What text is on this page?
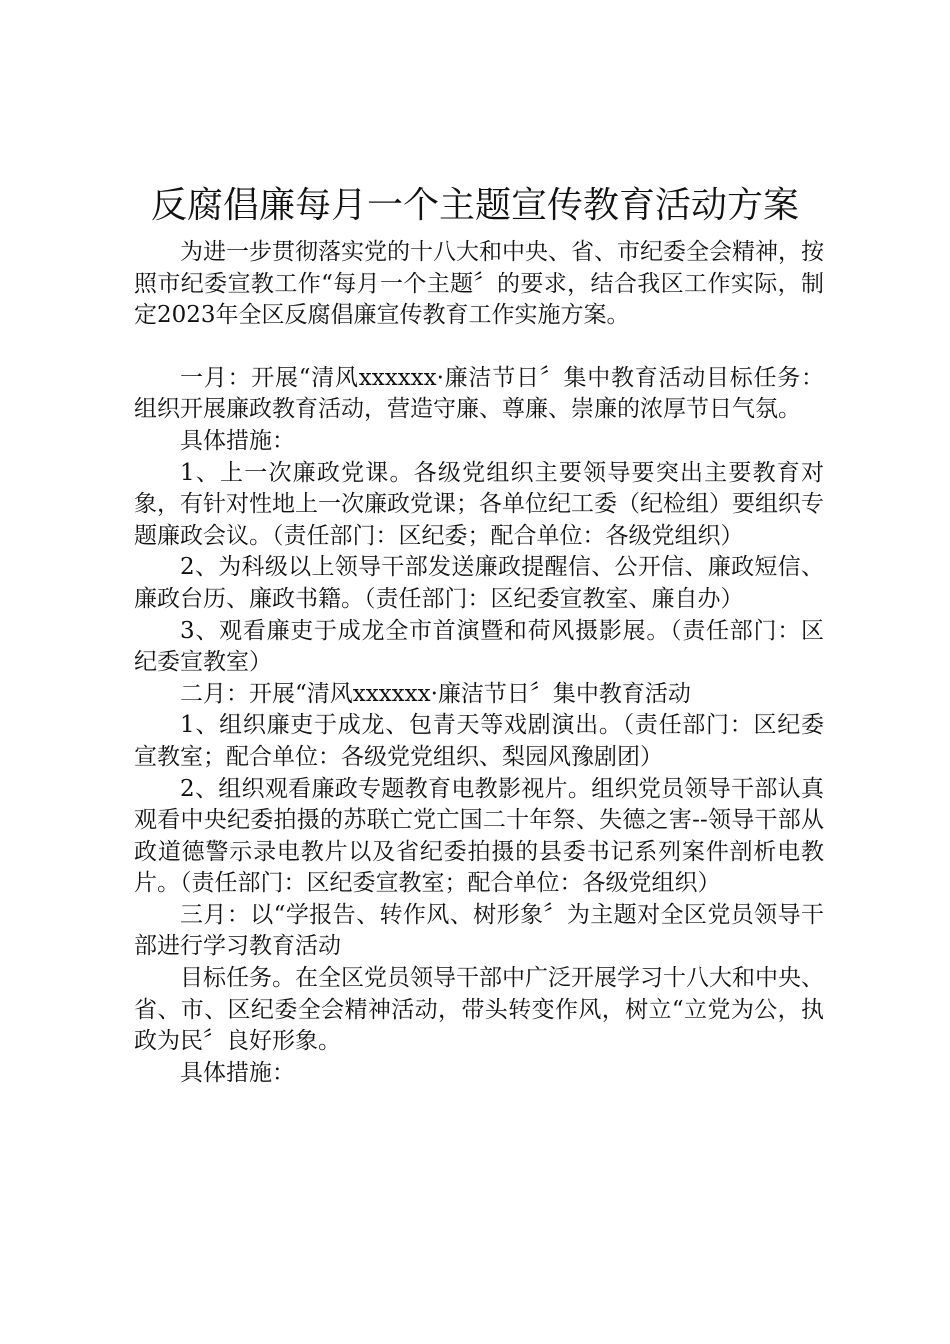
反腐倡廉每月一个主题宣传教育活动方案

为进一步贯彻落实党的十八大和中央、省、市纪委全会精神，按照市纪委宣教工作“每月一个主题〞的要求，结合我区工作实际，制定2023年全区反腐倡廉宣传教育工作实施方案。

一月：开展“清风xxxxxx·廉洁节日〞集中教育活动目标任务：组织开展廉政教育活动，营造守廉、尊廉、崇廉的浓厚节日气氛。

具体措施：

1、上一次廉政党课。各级党组织主要领导要突出主要教育对象，有针对性地上一次廉政党课；各单位纪工委（纪检组）要组织专题廉政会议。（责任部门：区纪委；配合单位：各级党组织）

2、为科级以上领导干部发送廉政提醒信、公开信、廉政短信、廉政台历、廉政书籍。（责任部门：区纪委宣教室、廉自办）

3、观看廉吏于成龙全市首演暨和荷风摄影展。（责任部门：区纪委宣教室）

二月：开展“清风xxxxxx·廉洁节日〞集中教育活动

1、组织廉吏于成龙、包青天等戏剧演出。（责任部门：区纪委宣教室；配合单位：各级党党组织、梨园风豫剧团）

2、组织观看廉政专题教育电教影视片。组织党员领导干部认真观看中央纪委拍摄的苏联亡党亡国二十年祭、失德之害--领导干部从政道德警示录电教片以及省纪委拍摄的县委书记系列案件剖析电教片。（责任部门：区纪委宣教室；配合单位：各级党组织）

三月：以“学报告、转作风、树形象〞为主题对全区党员领导干部进行学习教育活动

目标任务。在全区党员领导干部中广泛开展学习十八大和中央、省、市、区纪委全会精神活动，带头转变作风，树立“立党为公，执政为民〞良好形象。

具体措施：
